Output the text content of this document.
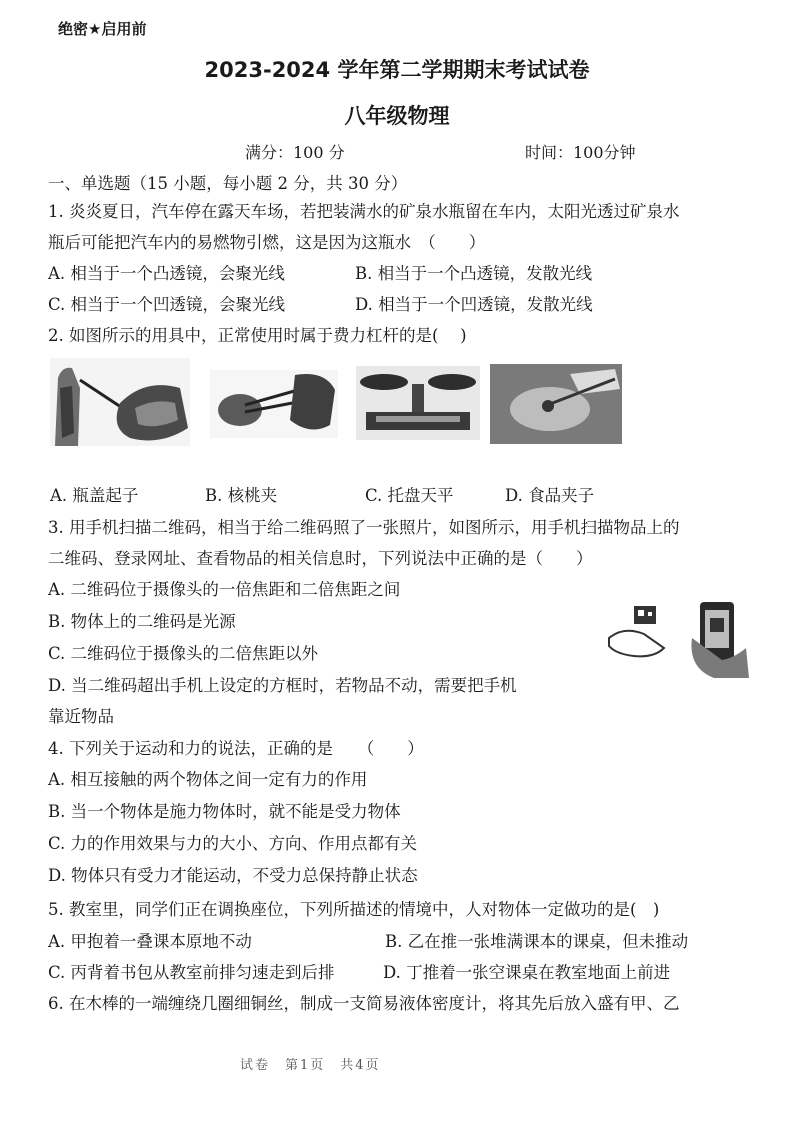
绝密★启用前
2023-2024 学年第二学期期末考试试卷
八年级物理
满分：100 分	时间：100分钟
一、单选题（15 小题，每小题 2 分，共 30 分）
1. 炎炎夏日，汽车停在露天车场，若把装满水的矿泉水瓶留在车内，太阳光透过矿泉水
瓶后可能把汽车内的易燃物引燃，这是因为这瓶水　（　　）
A. 相当于一个凸透镜，会聚光线	B. 相当于一个凸透镜，发散光线
C. 相当于一个凹透镜，会聚光线	D. 相当于一个凹透镜，发散光线
2. 如图所示的用具中，正常使用时属于费力杠杆的是(　 )
A. 瓶盖起子	B. 核桃夹	C. 托盘天平	D. 食品夹子
3. 用手机扫描二维码，相当于给二维码照了一张照片，如图所示，用手机扫描物品上的
二维码、登录网址、查看物品的相关信息时，下列说法中正确的是（　　）
A. 二维码位于摄像头的一倍焦距和二倍焦距之间
B. 物体上的二维码是光源
C. 二维码位于摄像头的二倍焦距以外
D. 当二维码超出手机上设定的方框时，若物品不动，需要把手机
靠近物品
4. 下列关于运动和力的说法，正确的是　　（　　）
A. 相互接触的两个物体之间一定有力的作用
B. 当一个物体是施力物体时，就不能是受力物体
C. 力的作用效果与力的大小、方向、作用点都有关
D. 物体只有受力才能运动，不受力总保持静止状态
5. 教室里，同学们正在调换座位，下列所描述的情境中，人对物体一定做功的是(　)
A. 甲抱着一叠课本原地不动	B. 乙在推一张堆满课本的课桌，但未推动
C. 丙背着书包从教室前排匀速走到后排	D. 丁推着一张空课桌在教室地面上前进
6. 在木棒的一端缠绕几圈细铜丝，制成一支简易液体密度计，将其先后放入盛有甲、乙
试卷　第1页　共4页
